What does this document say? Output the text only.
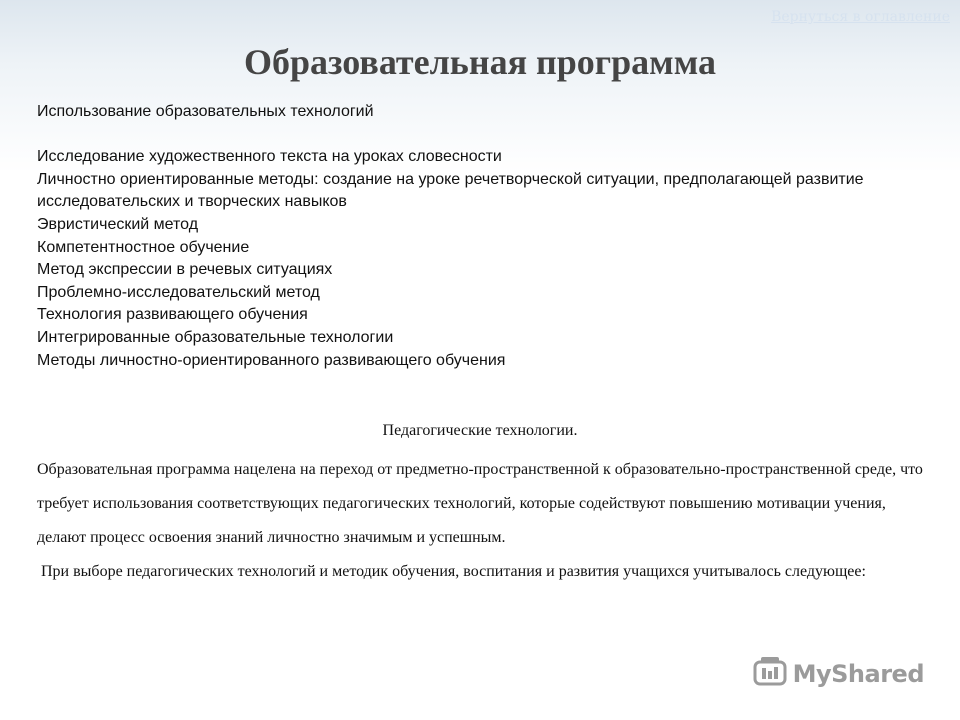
Вернуться в оглавление
Образовательная программа
Использование образовательных технологий
Исследование художественного текста на уроках словесности
Личностно ориентированные методы: создание на уроке речетворческой ситуации, предполагающей развитие исследовательских и творческих навыков
Эвристический метод
Компетентностное обучение
Метод экспрессии в речевых ситуациях
Проблемно-исследовательский метод
Технология развивающего обучения
Интегрированные образовательные технологии
Методы личностно-ориентированного развивающего обучения
Педагогические технологии.

Образовательная программа нацелена на переход от предметно-пространственной к образовательно-пространственной среде, что требует использования соответствующих педагогических технологий, которые содействуют повышению мотивации учения, делают процесс освоения знаний личностно значимым и успешным.

При выборе педагогических технологий и методик обучения, воспитания и развития учащихся учитывалось следующее:

MyShared
